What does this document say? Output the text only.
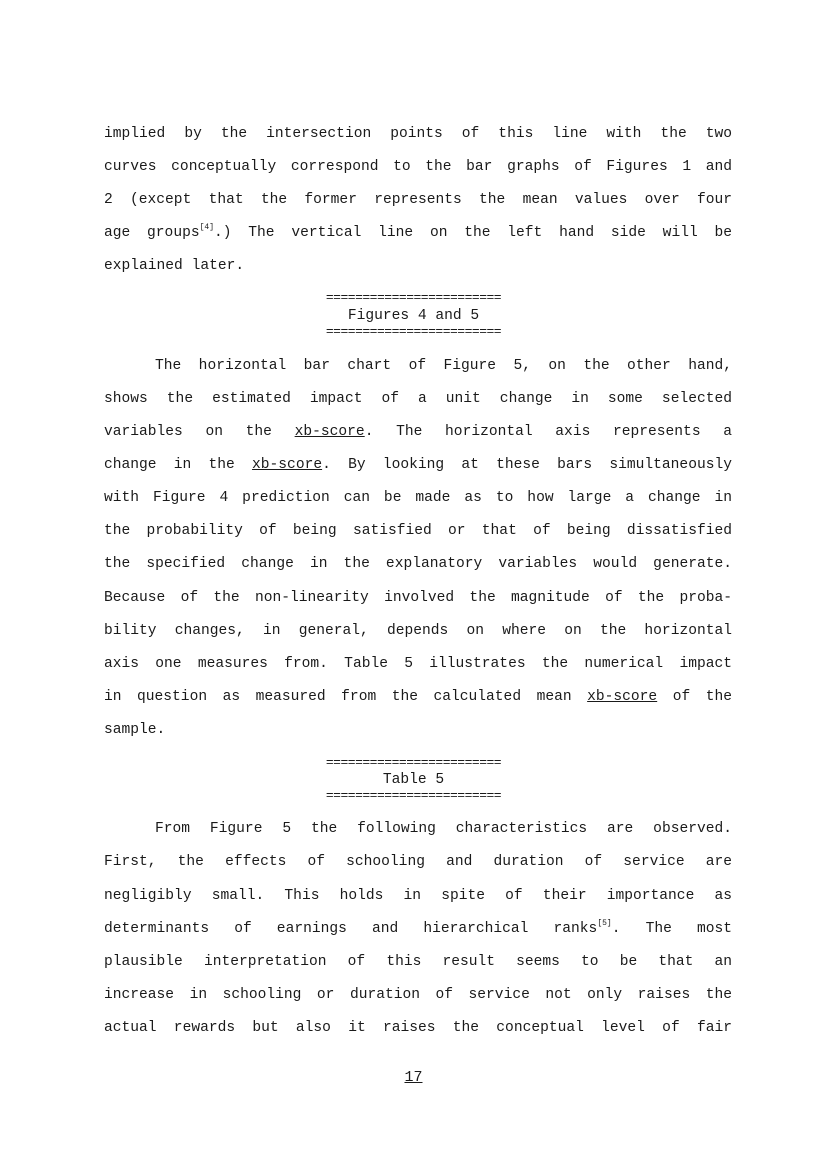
implied by the intersection points of this line with the two
curves conceptually correspond to the bar graphs of Figures 1 and
2 (except that the former represents the mean values over four
age groups[4].) The vertical line on the left hand side will be
explained later.
========================
Figures 4 and 5
========================
The horizontal bar chart of Figure 5, on the other hand,
shows the estimated impact of a unit change in some selected
variables on the xb-score. The horizontal axis represents a
change in the xb-score. By looking at these bars simultaneously
with Figure 4 prediction can be made as to how large a change in
the probability of being satisfied or that of being dissatisfied
the specified change in the explanatory variables would generate.
Because of the non-linearity involved the magnitude of the proba-
bility changes, in general, depends on where on the horizontal
axis one measures from. Table 5 illustrates the numerical impact
in question as measured from the calculated mean xb-score of the
sample.
========================
Table 5
========================
From Figure 5 the following characteristics are observed.
First, the effects of schooling and duration of service are
negligibly small. This holds in spite of their importance as
determinants of earnings and hierarchical ranks[5]. The most
plausible interpretation of this result seems to be that an
increase in schooling or duration of service not only raises the
actual rewards but also it raises the conceptual level of fair
17
